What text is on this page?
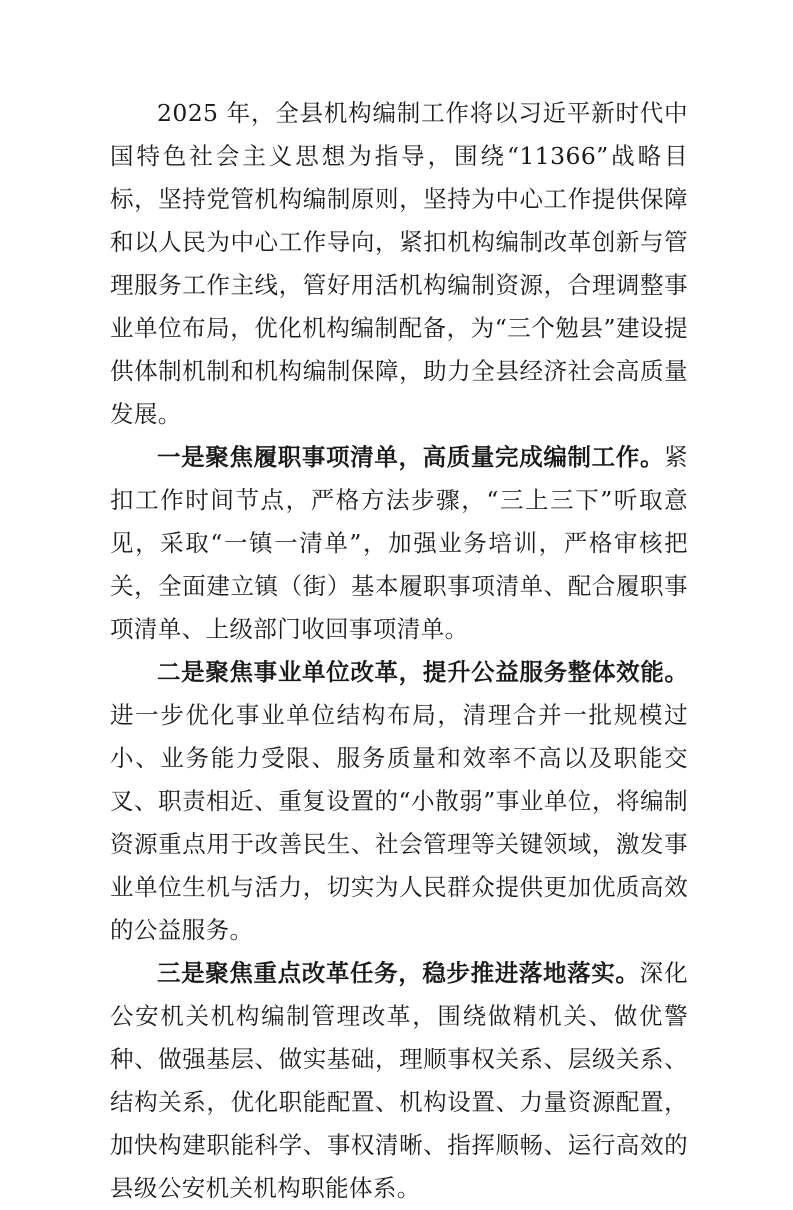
2025 年，全县机构编制工作将以习近平新时代中国特色社会主义思想为指导，围绕“11366”战略目标，坚持党管机构编制原则，坚持为中心工作提供保障和以人民为中心工作导向，紧扣机构编制改革创新与管理服务工作主线，管好用活机构编制资源，合理调整事业单位布局，优化机构编制配备，为“三个勉县”建设提供体制机制和机构编制保障，助力全县经济社会高质量发展。

一是聚焦履职事项清单，高质量完成编制工作。紧扣工作时间节点，严格方法步骤，“三上三下”听取意见，采取“一镇一清单”，加强业务培训，严格审核把关，全面建立镇（街）基本履职事项清单、配合履职事项清单、上级部门收回事项清单。

二是聚焦事业单位改革，提升公益服务整体效能。进一步优化事业单位结构布局，清理合并一批规模过小、业务能力受限、服务质量和效率不高以及职能交叉、职责相近、重复设置的“小散弱”事业单位，将编制资源重点用于改善民生、社会管理等关键领域，激发事业单位生机与活力，切实为人民群众提供更加优质高效的公益服务。

三是聚焦重点改革任务，稳步推进落地落实。深化公安机关机构编制管理改革，围绕做精机关、做优警种、做强基层、做实基础，理顺事权关系、层级关系、结构关系，优化职能配置、机构设置、力量资源配置，加快构建职能科学、事权清晰、指挥顺畅、运行高效的县级公安机关机构职能体系。
